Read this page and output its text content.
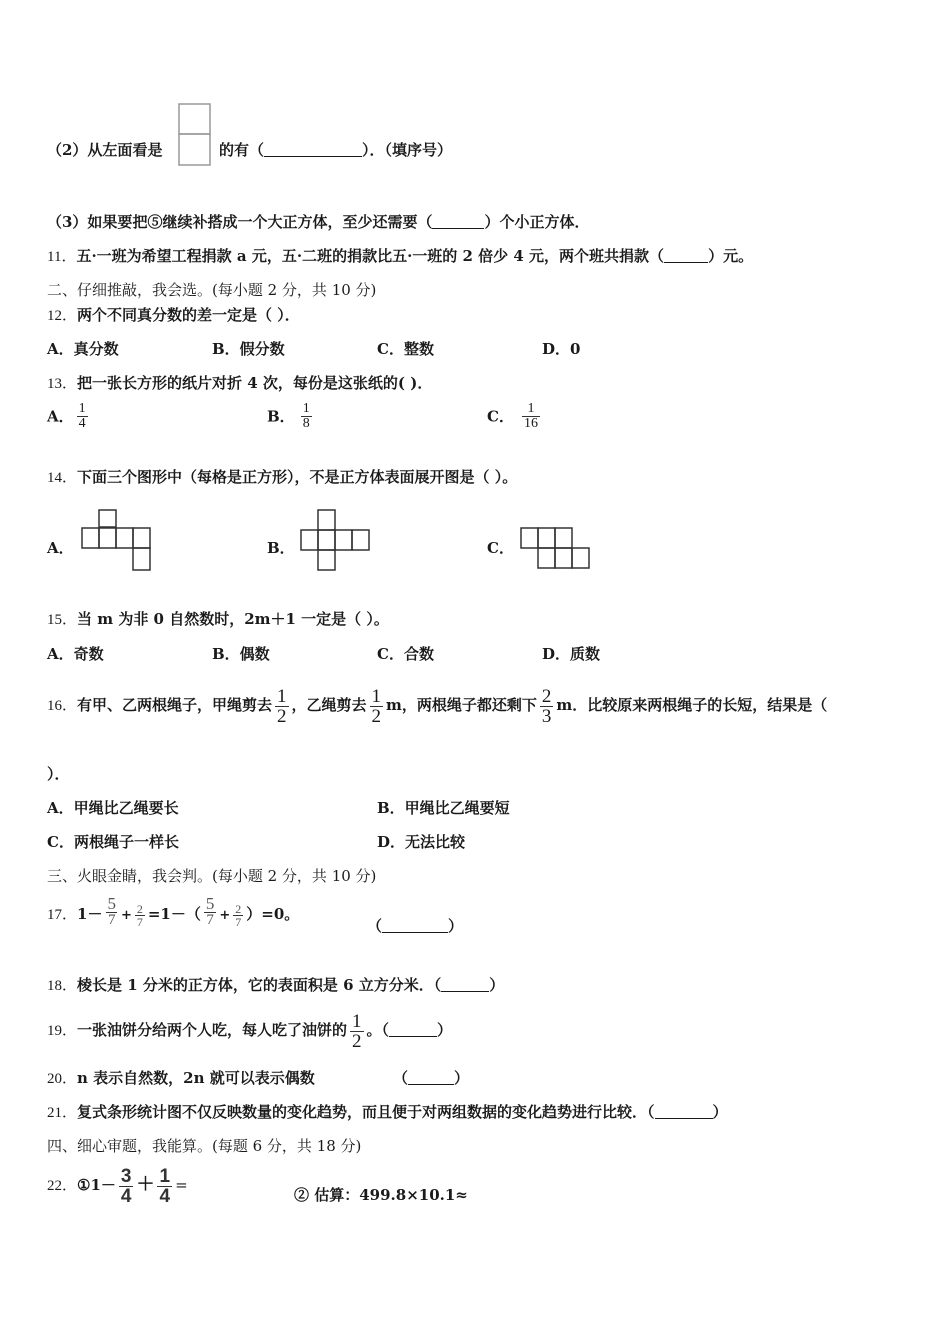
（2）从左面看是	的有（	）．（填序号）
（3）如果要把⑤继续补搭成一个大正方体，至少还需要（	）个小正方体．
11．五·一班为希望工程捐款 a 元，五·二班的捐款比五·一班的 2 倍少 4 元，两个班共捐款（	）元。
二、仔细推敲，我会选。(每小题 2 分，共 10 分)
12．两个不同真分数的差一定是（ ）．
A．真分数	B．假分数	C．整数	D．0
13．把一张长方形的纸片对折 4 次，每份是这张纸的( )．
A． $\frac{1}{4}$	B． $\frac{1}{8}$	C． $\frac{1}{16}$
14．下面三个图形中（每格是正方形），不是正方体表面展开图是（ ）。
A．	B．	C．
15．当 m 为非 0 自然数时，2m＋1 一定是（ ）。
A．奇数	B．偶数	C．合数	D．质数
16．有甲、乙两根绳子，甲绳剪去 $\frac{1}{2}$ ，乙绳剪去 $\frac{1}{2}$ m，两根绳子都还剩下 $\frac{2}{3}$ m．比较原来两根绳子的长短，结果是（
）．
A．甲绳比乙绳要长	B．甲绳比乙绳要短
C．两根绳子一样长	D．无法比较
三、火眼金睛，我会判。(每小题 2 分，共 10 分)
17．$1- \frac{5}{7} + \frac{2}{7} =1-( \frac{5}{7} + \frac{2}{7} )=0$。
（	）
18．棱长是 1 分米的正方体，它的表面积是 6 立方分米．（	）
19．一张油饼分给两个人吃，每人吃了油饼的 $\frac{1}{2}$ 。（	）
20．n 表示自然数，2n 就可以表示偶数	（	）
21．复式条形统计图不仅反映数量的变化趋势，而且便于对两组数据的变化趋势进行比较．（	）
四、细心审题，我能算。(每题 6 分，共 18 分)
22．①1－ $\frac{3}{4} + \frac{1}{4}$ =
② 估算：499.8×10.1≈
